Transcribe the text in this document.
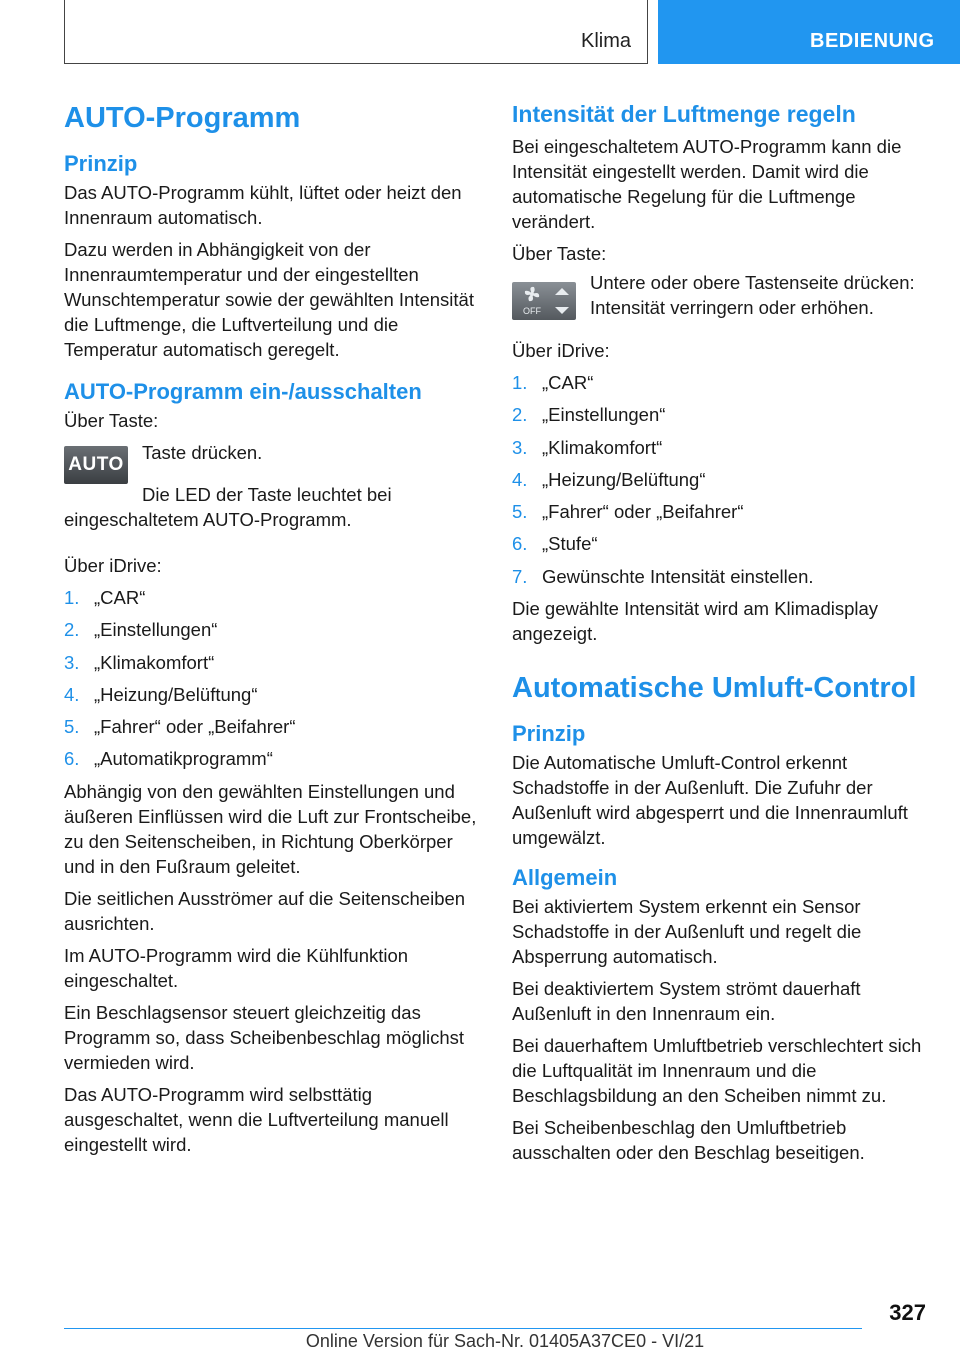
Klima	BEDIENUNG
AUTO-Programm
Prinzip
Das AUTO-Programm kühlt, lüftet oder heizt den Innenraum automatisch.
Dazu werden in Abhängigkeit von der Innenraumtemperatur und der eingestellten Wunschtemperatur sowie der gewählten Intensität die Luftmenge, die Luftverteilung und die Temperatur automatisch geregelt.
AUTO-Programm ein-/ausschalten
Über Taste:
AUTO
Taste drücken.
Die LED der Taste leuchtet bei eingeschaltetem AUTO-Programm.
Über iDrive:
1. „CAR“
2. „Einstellungen“
3. „Klimakomfort“
4. „Heizung/Belüftung“
5. „Fahrer“ oder „Beifahrer“
6. „Automatikprogramm“
Abhängig von den gewählten Einstellungen und äußeren Einflüssen wird die Luft zur Frontscheibe, zu den Seitenscheiben, in Richtung Oberkörper und in den Fußraum geleitet.
Die seitlichen Ausströmer auf die Seitenscheiben ausrichten.
Im AUTO-Programm wird die Kühlfunktion eingeschaltet.
Ein Beschlagsensor steuert gleichzeitig das Programm so, dass Scheibenbeschlag möglichst vermieden wird.
Das AUTO-Programm wird selbsttätig ausgeschaltet, wenn die Luftverteilung manuell eingestellt wird.
Intensität der Luftmenge regeln
Bei eingeschaltetem AUTO-Programm kann die Intensität eingestellt werden. Damit wird die automatische Regelung für die Luftmenge verändert.
Über Taste:
OFF
Untere oder obere Tastenseite drücken: Intensität verringern oder erhöhen.
Über iDrive:
1. „CAR“
2. „Einstellungen“
3. „Klimakomfort“
4. „Heizung/Belüftung“
5. „Fahrer“ oder „Beifahrer“
6. „Stufe“
7. Gewünschte Intensität einstellen.
Die gewählte Intensität wird am Klimadisplay angezeigt.
Automatische Umluft-Control
Prinzip
Die Automatische Umluft-Control erkennt Schadstoffe in der Außenluft. Die Zufuhr der Außenluft wird abgesperrt und die Innenraumluft umgewälzt.
Allgemein
Bei aktiviertem System erkennt ein Sensor Schadstoffe in der Außenluft und regelt die Absperrung automatisch.
Bei deaktiviertem System strömt dauerhaft Außenluft in den Innenraum ein.
Bei dauerhaftem Umluftbetrieb verschlechtert sich die Luftqualität im Innenraum und die Beschlagsbildung an den Scheiben nimmt zu.
Bei Scheibenbeschlag den Umluftbetrieb ausschalten oder den Beschlag beseitigen.
327
Online Version für Sach-Nr. 01405A37CE0 - VI/21
